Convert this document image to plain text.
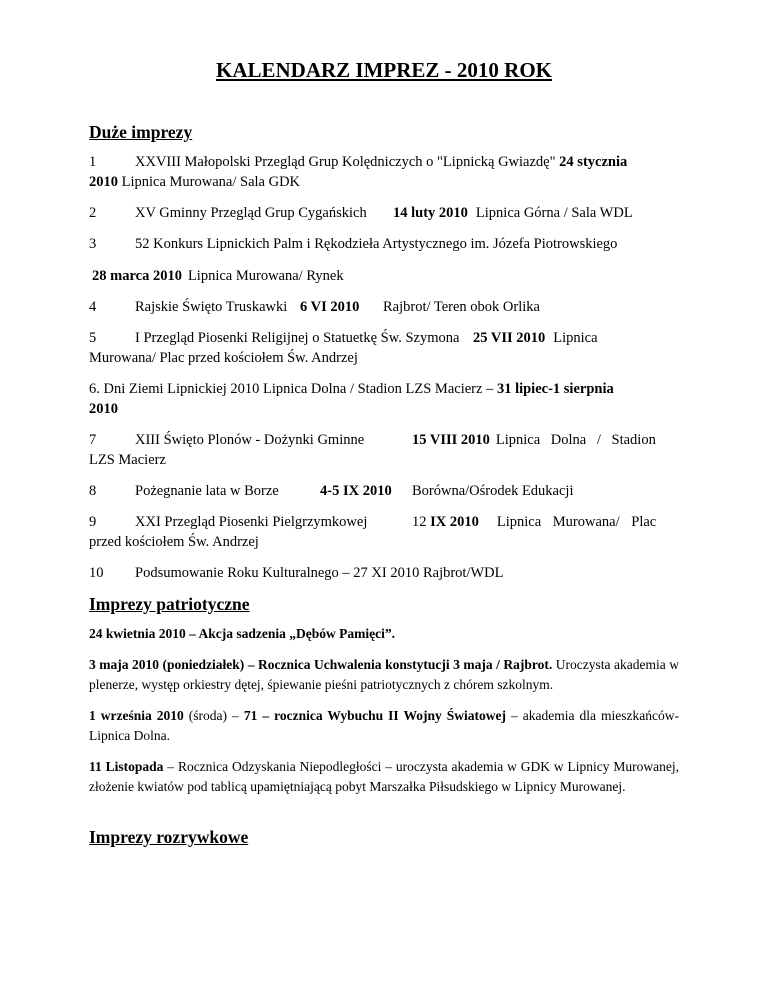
KALENDARZ IMPREZ - 2010 ROK
Duże imprezy
1	XXVIII Małopolski Przegląd Grup Kolędniczych o "Lipnicką Gwiazdę" 24 stycznia
2010 Lipnica Murowana/ Sala GDK
2	XV Gminny Przegląd Grup Cygańskich 14 luty 2010 Lipnica Górna / Sala WDL
3	52 Konkurs Lipnickich Palm i Rękodzieła Artystycznego im. Józefa Piotrowskiego
28 marca 2010 Lipnica Murowana/ Rynek
4	Rajskie Święto Truskawki 6 VI 2010 Rajbrot/ Teren obok Orlika
5	I Przegląd Piosenki Religijnej o Statuetkę Św. Szymona 25 VII 2010 Lipnica
Murowana/ Plac przed kościołem Św. Andrzej
6. Dni Ziemi Lipnickiej 2010 Lipnica Dolna / Stadion LZS Macierz – 31 lipiec-1 sierpnia
2010
7	XIII Święto Plonów - Dożynki Gminne	15 VIII 2010 Lipnica Dolna / Stadion
LZS Macierz
8	Pożegnanie lata w Borze	4-5 IX 2010 Borówna/Ośrodek Edukacji
9	XXI Przegląd Piosenki Pielgrzymkowej	12 IX 2010 Lipnica Murowana/ Plac
przed kościołem Św. Andrzej
10 Podsumowanie Roku Kulturalnego – 27 XI 2010 Rajbrot/WDL
Imprezy patriotyczne
24 kwietnia 2010 – Akcja sadzenia „Dębów Pamięci”.
3 maja 2010 (poniedziałek) – Rocznica Uchwalenia konstytucji 3 maja / Rajbrot. Uroczysta akademia w plenerze, występ orkiestry dętej, śpiewanie pieśni patriotycznych z chórem szkolnym.
1 września 2010 (środa) – 71 – rocznica Wybuchu II Wojny Światowej – akademia dla mieszkańców- Lipnica Dolna.
11 Listopada – Rocznica Odzyskania Niepodległości – uroczysta akademia w GDK w Lipnicy Murowanej, złożenie kwiatów pod tablicą upamiętniającą pobyt Marszałka Piłsudskiego w Lipnicy Murowanej.
Imprezy rozrywkowe
